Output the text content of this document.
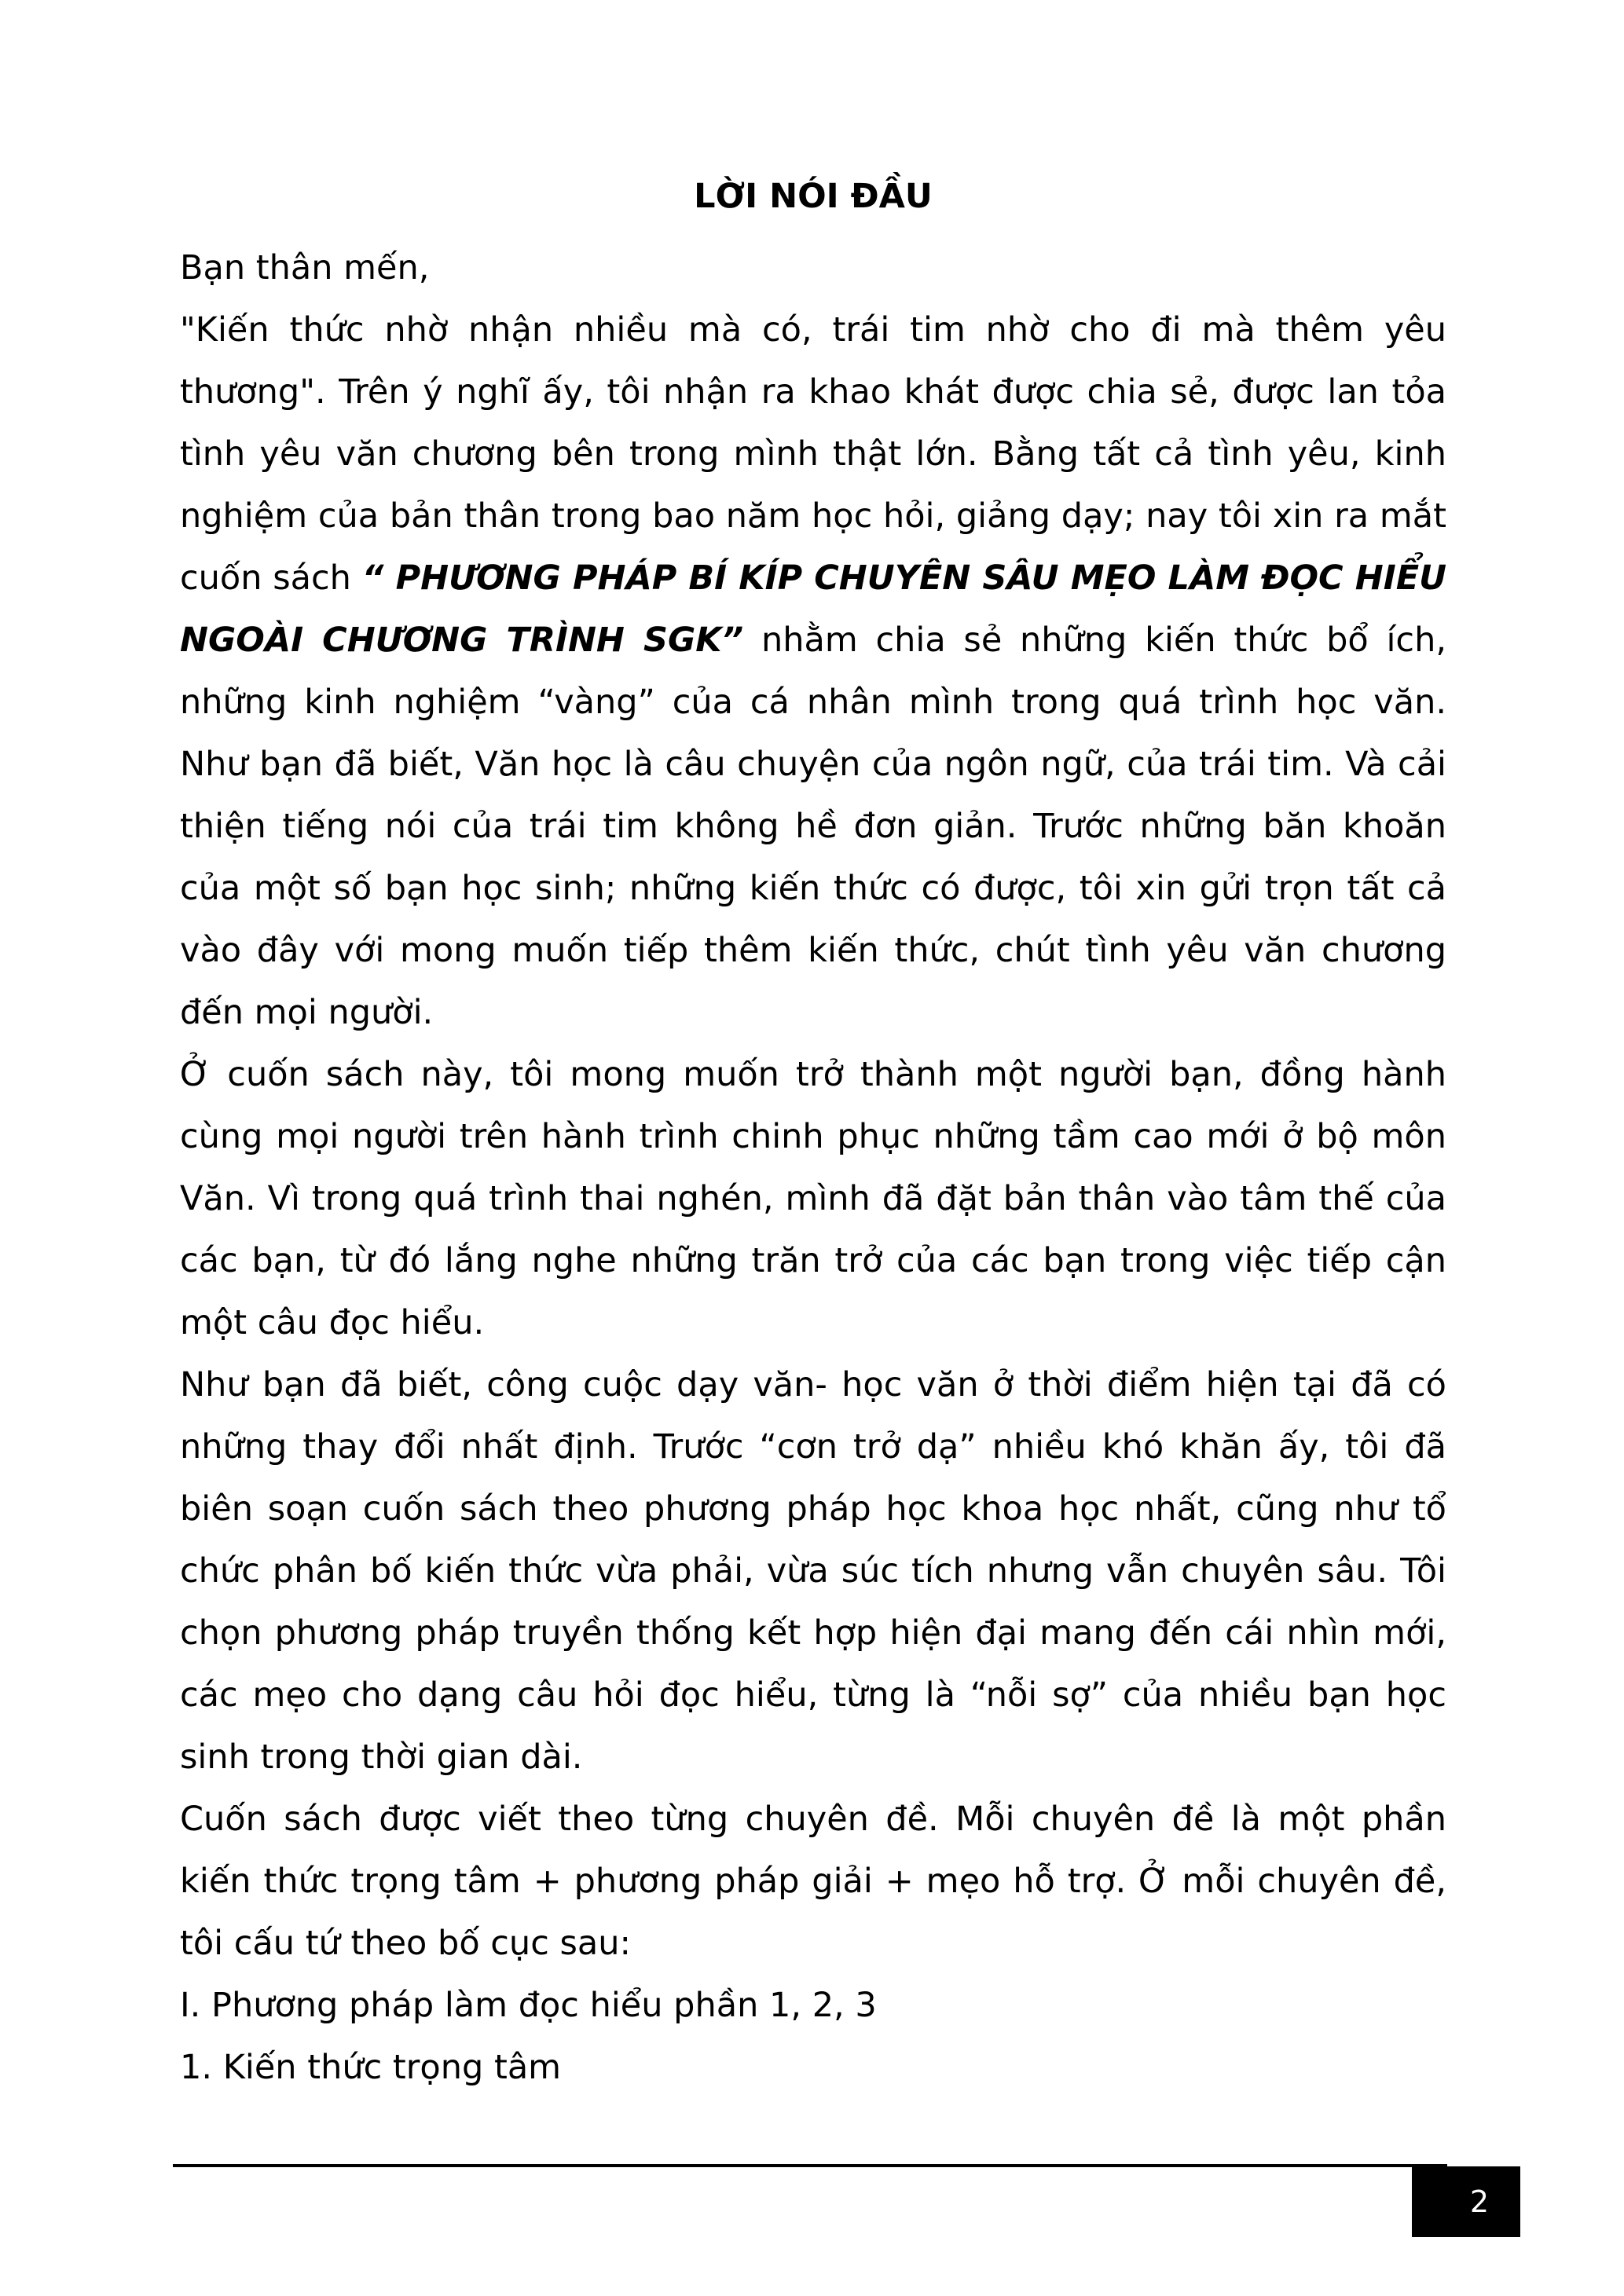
LỜI NÓI ĐẦU

Bạn thân mến,

"Kiến thức nhờ nhận nhiều mà có, trái tim nhờ cho đi mà thêm yêu thương". Trên ý nghĩ ấy, tôi nhận ra khao khát được chia sẻ, được lan tỏa tình yêu văn chương bên trong mình thật lớn. Bằng tất cả tình yêu, kinh nghiệm của bản thân trong bao năm học hỏi, giảng dạy; nay tôi xin ra mắt cuốn sách “ PHƯƠNG PHÁP BÍ KÍP CHUYÊN SÂU MẸO LÀM ĐỌC HIỂU NGOÀI CHƯƠNG TRÌNH SGK” nhằm chia sẻ những kiến thức bổ ích, những kinh nghiệm “vàng” của cá nhân mình trong quá trình học văn. Như bạn đã biết, Văn học là câu chuyện của ngôn ngữ, của trái tim. Và cải thiện tiếng nói của trái tim không hề đơn giản. Trước những băn khoăn của một số bạn học sinh; những kiến thức có được, tôi xin gửi trọn tất cả vào đây với mong muốn tiếp thêm kiến thức, chút tình yêu văn chương đến mọi người.

Ở cuốn sách này, tôi mong muốn trở thành một người bạn, đồng hành cùng mọi người trên hành trình chinh phục những tầm cao mới ở bộ môn Văn. Vì trong quá trình thai nghén, mình đã đặt bản thân vào tâm thế của các bạn, từ đó lắng nghe những trăn trở của các bạn trong việc tiếp cận một câu đọc hiểu.

Như bạn đã biết, công cuộc dạy văn- học văn ở thời điểm hiện tại đã có những thay đổi nhất định. Trước “cơn trở dạ” nhiều khó khăn ấy, tôi đã biên soạn cuốn sách theo phương pháp học khoa học nhất, cũng như tổ chức phân bố kiến thức vừa phải, vừa súc tích nhưng vẫn chuyên sâu. Tôi chọn phương pháp truyền thống kết hợp hiện đại mang đến cái nhìn mới, các mẹo cho dạng câu hỏi đọc hiểu, từng là “nỗi sợ” của nhiều bạn học sinh trong thời gian dài.

Cuốn sách được viết theo từng chuyên đề. Mỗi chuyên đề là một phần kiến thức trọng tâm + phương pháp giải + mẹo hỗ trợ. Ở mỗi chuyên đề, tôi cấu tứ theo bố cục sau:

I. Phương pháp làm đọc hiểu phần 1, 2, 3

1. Kiến thức trọng tâm

2
